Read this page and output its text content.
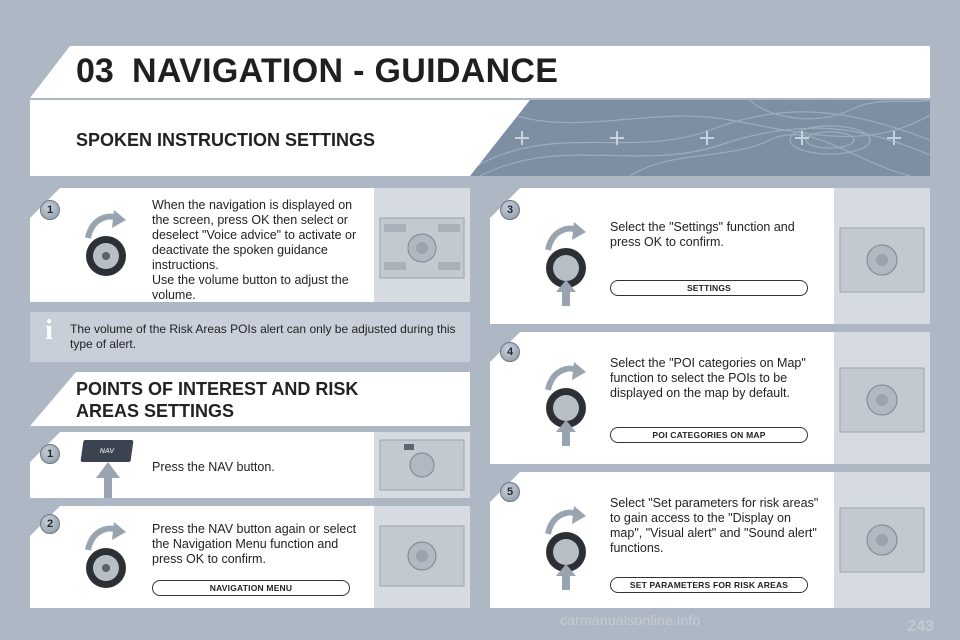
03 NAVIGATION - GUIDANCE
SPOKEN INSTRUCTION SETTINGS
1	When the navigation is displayed on the screen, press OK then select or deselect "Voice advice" to activate or deactivate the spoken guidance instructions.
Use the volume button to adjust the volume.
i	The volume of the Risk Areas POIs alert can only be adjusted during this type of alert.
POINTS OF INTEREST AND RISK AREAS SETTINGS
1	NAV
Press the NAV button.
2	Press the NAV button again or select the Navigation Menu function and press OK to confirm.
NAVIGATION MENU
3
Select the "Settings" function and press OK to confirm.
SETTINGS
4
Select the "POI categories on Map" function to select the POIs to be displayed on the map by default.
POI CATEGORIES ON MAP
5
Select "Set parameters for risk areas" to gain access to the "Display on map", "Visual alert" and "Sound alert" functions.
SET PARAMETERS FOR RISK AREAS
carmanualsonline.info	243
